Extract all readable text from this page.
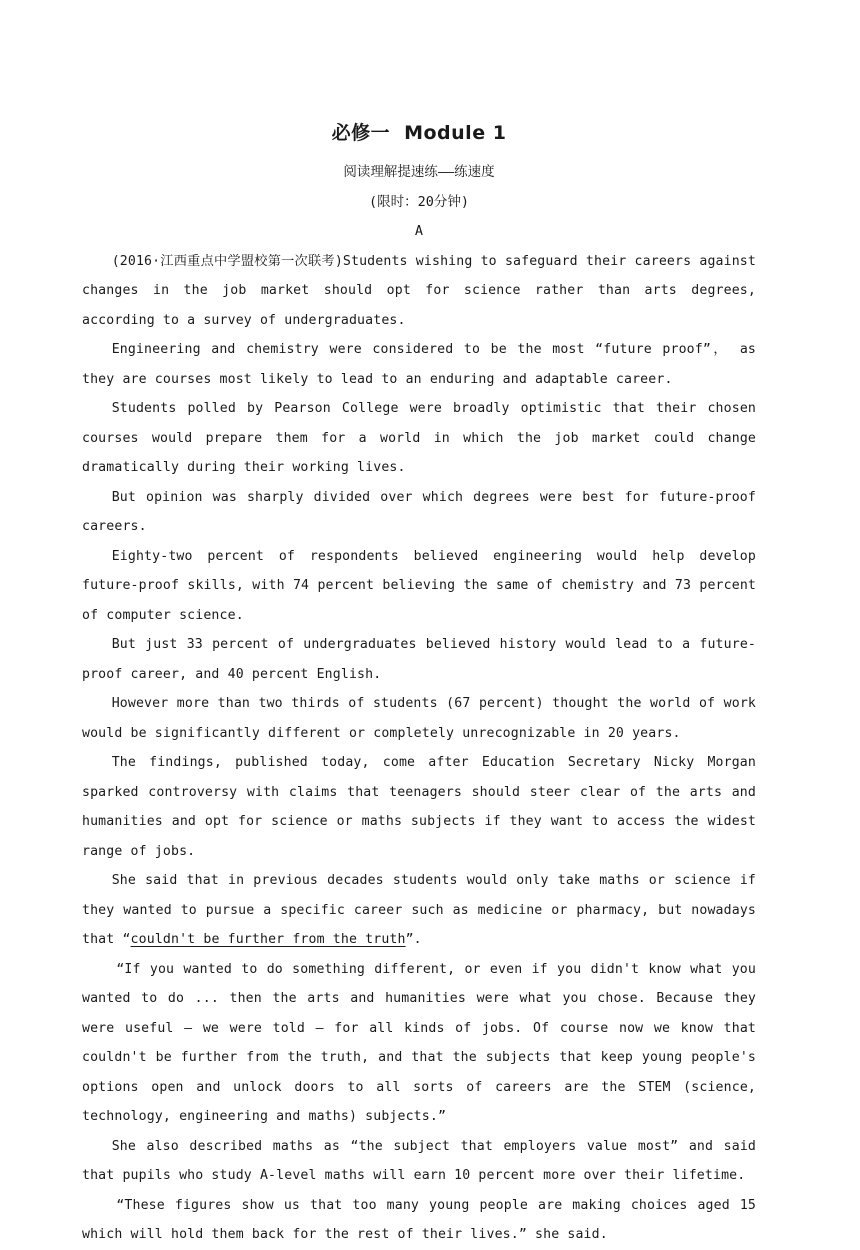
必修一 Module 1
阅读理解提速练——练速度
(限时：20分钟)
A

(2016·江西重点中学盟校第一次联考)Students wishing to safeguard their careers against changes in the job market should opt for science rather than arts degrees, according to a survey of undergraduates.

Engineering and chemistry were considered to be the most “future proof”， as they are courses most likely to lead to an enduring and adaptable career.

Students polled by Pearson College were broadly optimistic that their chosen courses would prepare them for a world in which the job market could change dramatically during their working lives.

But opinion was sharply divided over which degrees were best for future-proof careers.

Eighty-two percent of respondents believed engineering would help develop future-proof skills, with 74 percent believing the same of chemistry and 73 percent of computer science.

But just 33 percent of undergraduates believed history would lead to a future-proof career, and 40 percent English.

However more than two thirds of students (67 percent) thought the world of work would be significantly different or completely unrecognizable in 20 years.

The findings, published today, come after Education Secretary Nicky Morgan sparked controversy with claims that teenagers should steer clear of the arts and humanities and opt for science or maths subjects if they want to access the widest range of jobs.

She said that in previous decades students would only take maths or science if they wanted to pursue a specific career such as medicine or pharmacy, but nowadays that “couldn't be further from the truth”.

“If you wanted to do something different, or even if you didn't know what you wanted to do ... then the arts and humanities were what you chose. Because they were useful — we were told — for all kinds of jobs. Of course now we know that couldn't be further from the truth, and that the subjects that keep young people's options open and unlock doors to all sorts of careers are the STEM (science, technology, engineering and maths) subjects.”

She also described maths as “the subject that employers value most” and said that pupils who study A-level maths will earn 10 percent more over their lifetime.

“These figures show us that too many young people are making choices aged 15 which will hold them back for the rest of their lives.” she said.
